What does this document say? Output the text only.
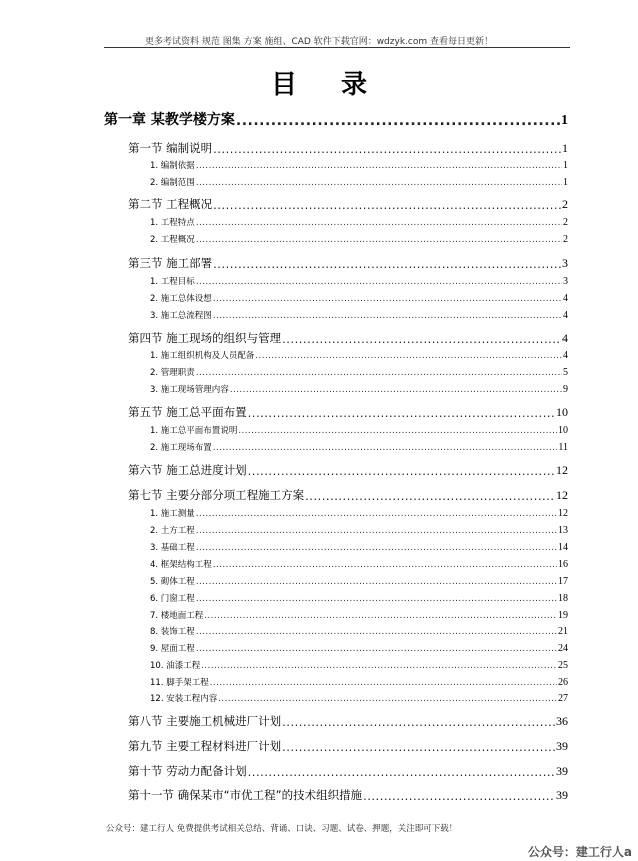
更多考试资料 规范 图集 方案 施组、CAD 软件下载官网：wdzyk.com 查看每日更新！
目录
第一章 某教学楼方案 .....	1
第一节 编制说明 .....	1
1. 编制依据 .....	1
2. 编制范围 .....	1
第二节 工程概况 .....	2
1. 工程特点 .....	2
2. 工程概况 .....	2
第三节 施工部署 .....	3
1. 工程目标 .....	3
2. 施工总体设想 .....	4
3. 施工总流程图 .....	4
第四节 施工现场的组织与管理 .....	4
1. 施工组织机构及人员配备 .....	4
2. 管理职责 .....	5
3. 施工现场管理内容 .....	9
第五节 施工总平面布置 .....	10
1. 施工总平面布置说明 .....	10
2. 施工现场布置 .....	11
第六节 施工总进度计划 .....	12
第七节 主要分部分项工程施工方案 .....	12
1. 施工测量 .....	12
2. 土方工程 .....	13
3. 基础工程 .....	14
4. 框架结构工程 .....	16
5. 砌体工程 .....	17
6. 门窗工程 .....	18
7. 楼地面工程 .....	19
8. 装饰工程 .....	21
9. 屋面工程 .....	24
10. 油漆工程 .....	25
11. 脚手架工程 .....	26
12. 安装工程内容 .....	27
第八节 主要施工机械进厂计划 .....	36
第九节 主要工程材料进厂计划 .....	39
第十节 劳动力配备计划 .....	39
第十一节 确保某市“市优工程”的技术组织措施 .....	39
公众号：建工行人 免费提供考试相关总结、背诵、口诀、习题、试卷、押题，关注即可下载！
公众号：建工行人a
